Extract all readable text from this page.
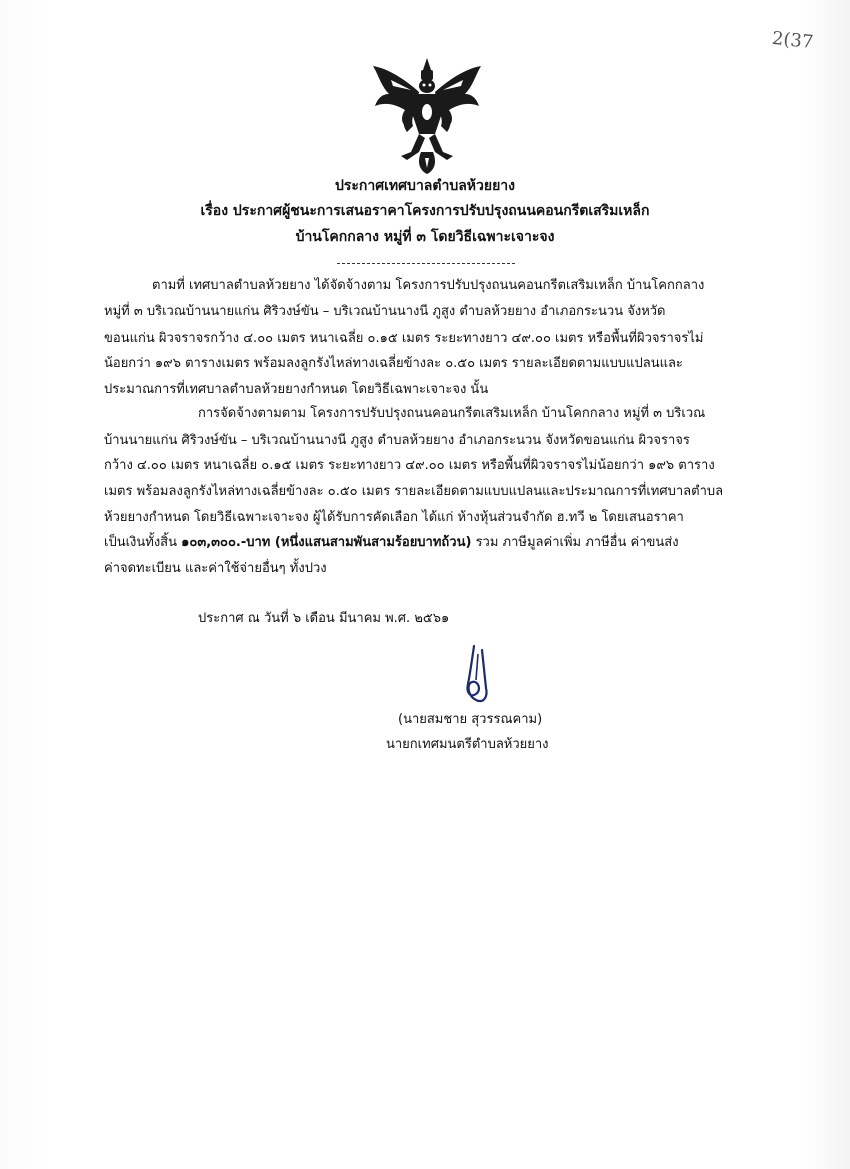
2(37
ประกาศเทศบาลตำบลห้วยยาง
เรื่อง ประกาศผู้ชนะการเสนอราคาโครงการปรับปรุงถนนคอนกรีตเสริมเหล็ก
บ้านโคกกลาง หมู่ที่ ๓ โดยวิธีเฉพาะเจาะจง
ตามที่ เทศบาลตำบลห้วยยาง ได้จัดจ้างตาม โครงการปรับปรุงถนนคอนกรีตเสริมเหล็ก บ้านโคกกลาง
หมู่ที่ ๓ บริเวณบ้านนายแก่น ศิริวงษ์ขัน – บริเวณบ้านนางนี ภูสูง ตำบลห้วยยาง อำเภอกระนวน จังหวัด
ขอนแก่น ผิวจราจรกว้าง ๔.๐๐ เมตร หนาเฉลี่ย ๐.๑๕ เมตร ระยะทางยาว ๔๙.๐๐ เมตร หรือพื้นที่ผิวจราจรไม่
น้อยกว่า ๑๙๖ ตารางเมตร พร้อมลงลูกรังไหล่ทางเฉลี่ยข้างละ ๐.๕๐ เมตร รายละเอียดตามแบบแปลนและ
ประมาณการที่เทศบาลตำบลห้วยยางกำหนด โดยวิธีเฉพาะเจาะจง นั้น
การจัดจ้างตามตาม โครงการปรับปรุงถนนคอนกรีตเสริมเหล็ก บ้านโคกกลาง หมู่ที่ ๓ บริเวณ
บ้านนายแก่น ศิริวงษ์ขัน – บริเวณบ้านนางนี ภูสูง ตำบลห้วยยาง อำเภอกระนวน จังหวัดขอนแก่น ผิวจราจร
กว้าง ๔.๐๐ เมตร หนาเฉลี่ย ๐.๑๕ เมตร ระยะทางยาว ๔๙.๐๐ เมตร หรือพื้นที่ผิวจราจรไม่น้อยกว่า ๑๙๖ ตาราง
เมตร พร้อมลงลูกรังไหล่ทางเฉลี่ยข้างละ ๐.๕๐ เมตร รายละเอียดตามแบบแปลนและประมาณการที่เทศบาลตำบล
ห้วยยางกำหนด โดยวิธีเฉพาะเจาะจง ผู้ได้รับการคัดเลือก ได้แก่ ห้างหุ้นส่วนจำกัด ฮ.ทวี ๒ โดยเสนอราคา
เป็นเงินทั้งสิ้น ๑๐๓,๓๐๐.-บาท (หนึ่งแสนสามพันสามร้อยบาทถ้วน) รวม ภาษีมูลค่าเพิ่ม ภาษีอื่น ค่าขนส่ง
ค่าจดทะเบียน และค่าใช้จ่ายอื่นๆ ทั้งปวง
ประกาศ ณ วันที่ ๖ เดือน มีนาคม พ.ศ. ๒๕๖๑
(นายสมชาย สุวรรณคาม)
นายกเทศมนตรีตำบลห้วยยาง
